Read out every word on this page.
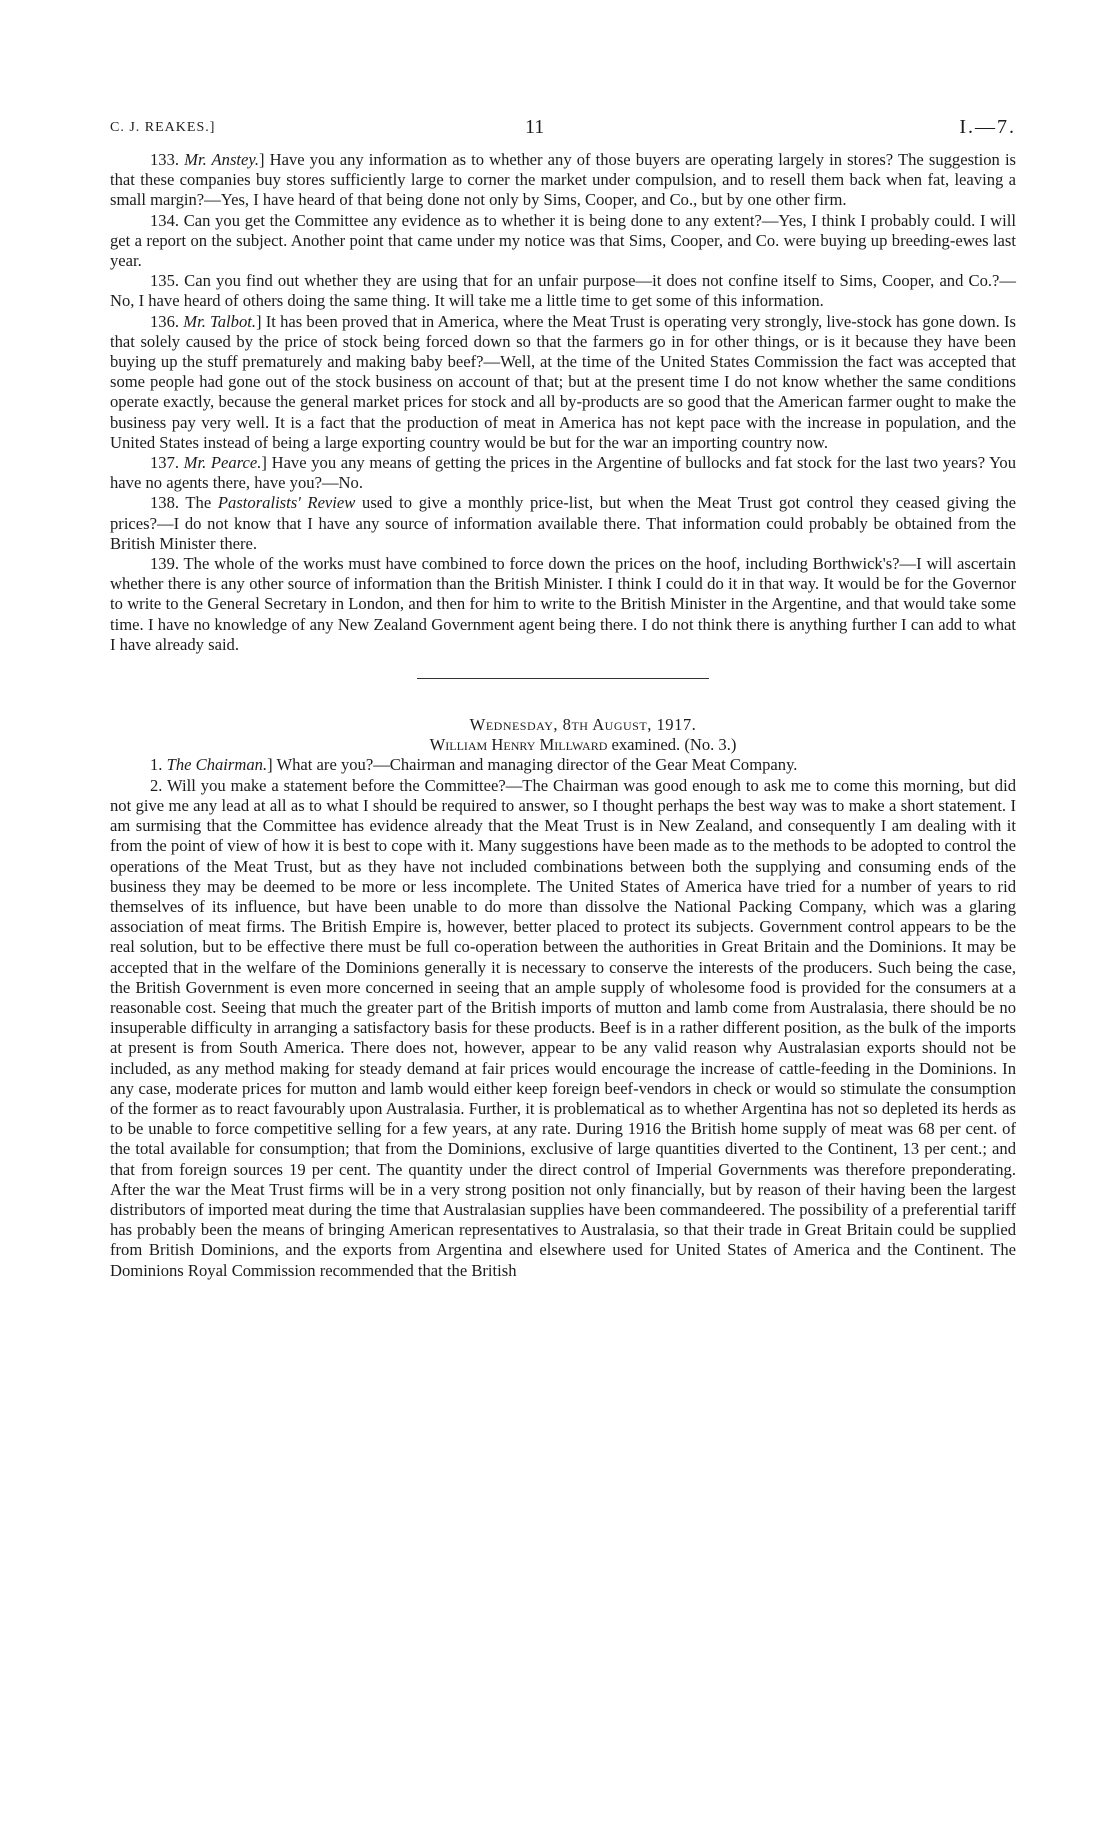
C. J. REAKES.]	11	I.—7.

133. Mr. Anstey.] Have you any information as to whether any of those buyers are operating largely in stores? The suggestion is that these companies buy stores sufficiently large to corner the market under compulsion, and to resell them back when fat, leaving a small margin?—Yes, I have heard of that being done not only by Sims, Cooper, and Co., but by one other firm.

134. Can you get the Committee any evidence as to whether it is being done to any extent?—Yes, I think I probably could. I will get a report on the subject. Another point that came under my notice was that Sims, Cooper, and Co. were buying up breeding-ewes last year.

135. Can you find out whether they are using that for an unfair purpose—it does not confine itself to Sims, Cooper, and Co.?—No, I have heard of others doing the same thing. It will take me a little time to get some of this information.

136. Mr. Talbot.] It has been proved that in America, where the Meat Trust is operating very strongly, live-stock has gone down. Is that solely caused by the price of stock being forced down so that the farmers go in for other things, or is it because they have been buying up the stuff prematurely and making baby beef?—Well, at the time of the United States Commission the fact was accepted that some people had gone out of the stock business on account of that; but at the present time I do not know whether the same conditions operate exactly, because the general market prices for stock and all by-products are so good that the American farmer ought to make the business pay very well. It is a fact that the production of meat in America has not kept pace with the increase in population, and the United States instead of being a large exporting country would be but for the war an importing country now.

137. Mr. Pearce.] Have you any means of getting the prices in the Argentine of bullocks and fat stock for the last two years? You have no agents there, have you?—No.

138. The Pastoralists' Review used to give a monthly price-list, but when the Meat Trust got control they ceased giving the prices?—I do not know that I have any source of information available there. That information could probably be obtained from the British Minister there.

139. The whole of the works must have combined to force down the prices on the hoof, including Borthwick's?—I will ascertain whether there is any other source of information than the British Minister. I think I could do it in that way. It would be for the Governor to write to the General Secretary in London, and then for him to write to the British Minister in the Argentine, and that would take some time. I have no knowledge of any New Zealand Government agent being there. I do not think there is anything further I can add to what I have already said.

Wednesday, 8th August, 1917.

William Henry Millward examined. (No. 3.)

1. The Chairman.] What are you?—Chairman and managing director of the Gear Meat Company.

2. Will you make a statement before the Committee?—The Chairman was good enough to ask me to come this morning, but did not give me any lead at all as to what I should be required to answer, so I thought perhaps the best way was to make a short statement. I am surmising that the Committee has evidence already that the Meat Trust is in New Zealand, and consequently I am dealing with it from the point of view of how it is best to cope with it. Many suggestions have been made as to the methods to be adopted to control the operations of the Meat Trust, but as they have not included combinations between both the supplying and consuming ends of the business they may be deemed to be more or less incomplete. The United States of America have tried for a number of years to rid themselves of its influence, but have been unable to do more than dissolve the National Packing Company, which was a glaring association of meat firms. The British Empire is, however, better placed to protect its subjects. Government control appears to be the real solution, but to be effective there must be full co-operation between the authorities in Great Britain and the Dominions. It may be accepted that in the welfare of the Dominions generally it is necessary to conserve the interests of the producers. Such being the case, the British Government is even more concerned in seeing that an ample supply of wholesome food is provided for the consumers at a reasonable cost. Seeing that much the greater part of the British imports of mutton and lamb come from Australasia, there should be no insuperable difficulty in arranging a satisfactory basis for these products. Beef is in a rather different position, as the bulk of the imports at present is from South America. There does not, however, appear to be any valid reason why Australasian exports should not be included, as any method making for steady demand at fair prices would encourage the increase of cattle-feeding in the Dominions. In any case, moderate prices for mutton and lamb would either keep foreign beef-vendors in check or would so stimulate the consumption of the former as to react favourably upon Australasia. Further, it is problematical as to whether Argentina has not so depleted its herds as to be unable to force competitive selling for a few years, at any rate. During 1916 the British home supply of meat was 68 per cent. of the total available for consumption; that from the Dominions, exclusive of large quantities diverted to the Continent, 13 per cent.; and that from foreign sources 19 per cent. The quantity under the direct control of Imperial Governments was therefore preponderating. After the war the Meat Trust firms will be in a very strong position not only financially, but by reason of their having been the largest distributors of imported meat during the time that Australasian supplies have been commandeered. The possibility of a preferential tariff has probably been the means of bringing American representatives to Australasia, so that their trade in Great Britain could be supplied from British Dominions, and the exports from Argentina and elsewhere used for United States of America and the Continent. The Dominions Royal Commission recommended that the British
